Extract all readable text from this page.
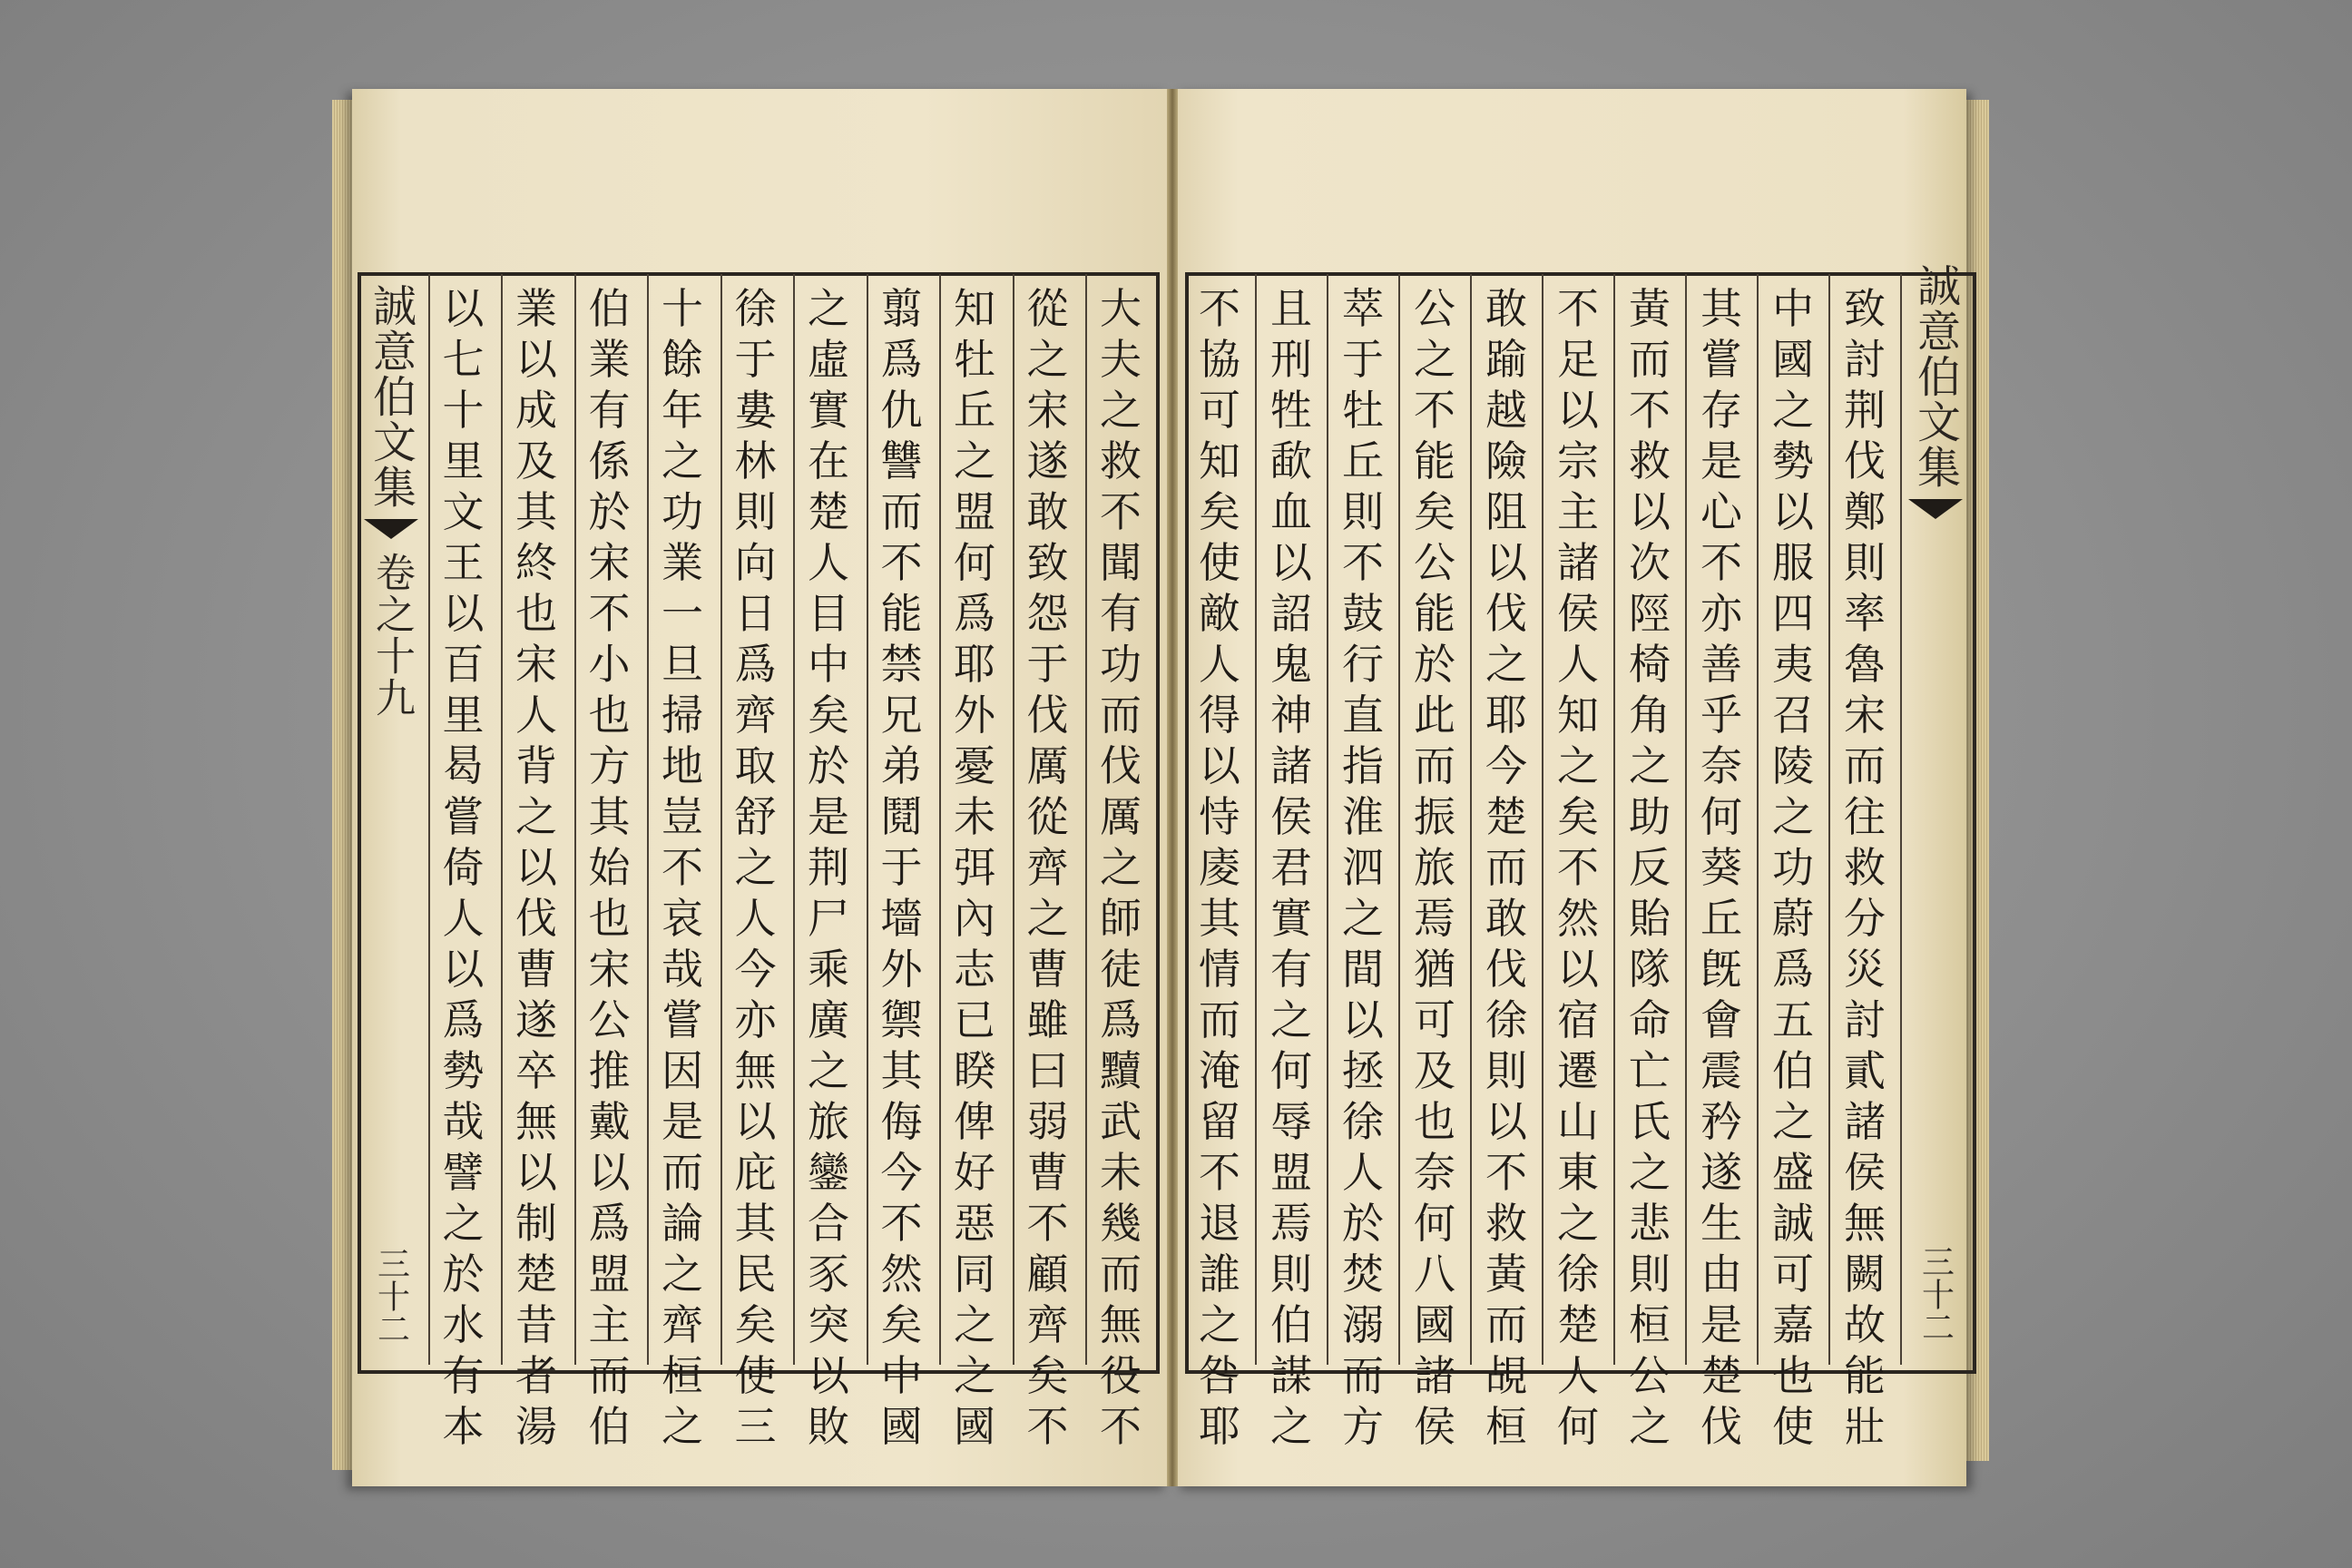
誠意伯文集
卷之十九
三十二
誠意伯文集
三十二
大
夫
之
救
不
聞
有
功
而
伐
厲
之
師
徒
爲
黷
武
未
幾
而
無
役
不
從
之
宋
遂
敢
致
怨
于
伐
厲
從
齊
之
曹
雖
曰
弱
曹
不
顧
齊
矣
不
知
牡
丘
之
盟
何
爲
耶
外
憂
未
弭
內
志
已
睽
俾
好
惡
同
之
之
國
翦
爲
仇
讐
而
不
能
禁
兄
弟
鬩
于
墻
外
禦
其
侮
今
不
然
矣
中
國
之
虛
實
在
楚
人
目
中
矣
於
是
荆
尸
乘
廣
之
旅
鑾
合
豕
突
以
敗
徐
于
婁
林
則
向
日
爲
齊
取
舒
之
人
今
亦
無
以
庇
其
民
矣
使
三
十
餘
年
之
功
業
一
旦
掃
地
豈
不
哀
哉
嘗
因
是
而
論
之
齊
桓
之
伯
業
有
係
於
宋
不
小
也
方
其
始
也
宋
公
推
戴
以
爲
盟
主
而
伯
業
以
成
及
其
終
也
宋
人
背
之
以
伐
曹
遂
卒
無
以
制
楚
昔
者
湯
以
七
十
里
文
王
以
百
里
曷
嘗
倚
人
以
爲
勢
哉
譬
之
於
水
有
本
致
討
荆
伐
鄭
則
率
魯
宋
而
往
救
分
災
討
貳
諸
侯
無
闕
故
能
壯
中
國
之
勢
以
服
四
夷
召
陵
之
功
蔚
爲
五
伯
之
盛
誠
可
嘉
也
使
其
嘗
存
是
心
不
亦
善
乎
奈
何
葵
丘
旣
會
震
矜
遂
生
由
是
楚
伐
黃
而
不
救
以
次
陘
椅
角
之
助
反
貽
隊
命
亡
氏
之
悲
則
桓
公
之
不
足
以
宗
主
諸
侯
人
知
之
矣
不
然
以
宿
遷
山
東
之
徐
楚
人
何
敢
踰
越
險
阻
以
伐
之
耶
今
楚
而
敢
伐
徐
則
以
不
救
黃
而
覘
桓
公
之
不
能
矣
公
能
於
此
而
振
旅
焉
猶
可
及
也
奈
何
八
國
諸
侯
萃
于
牡
丘
則
不
鼓
行
直
指
淮
泗
之
間
以
拯
徐
人
於
焚
溺
而
方
且
刑
牲
歃
血
以
詔
鬼
神
諸
侯
君
實
有
之
何
辱
盟
焉
則
伯
謀
之
不
協
可
知
矣
使
敵
人
得
以
恃
庱
其
情
而
淹
留
不
退
誰
之
咎
耶
